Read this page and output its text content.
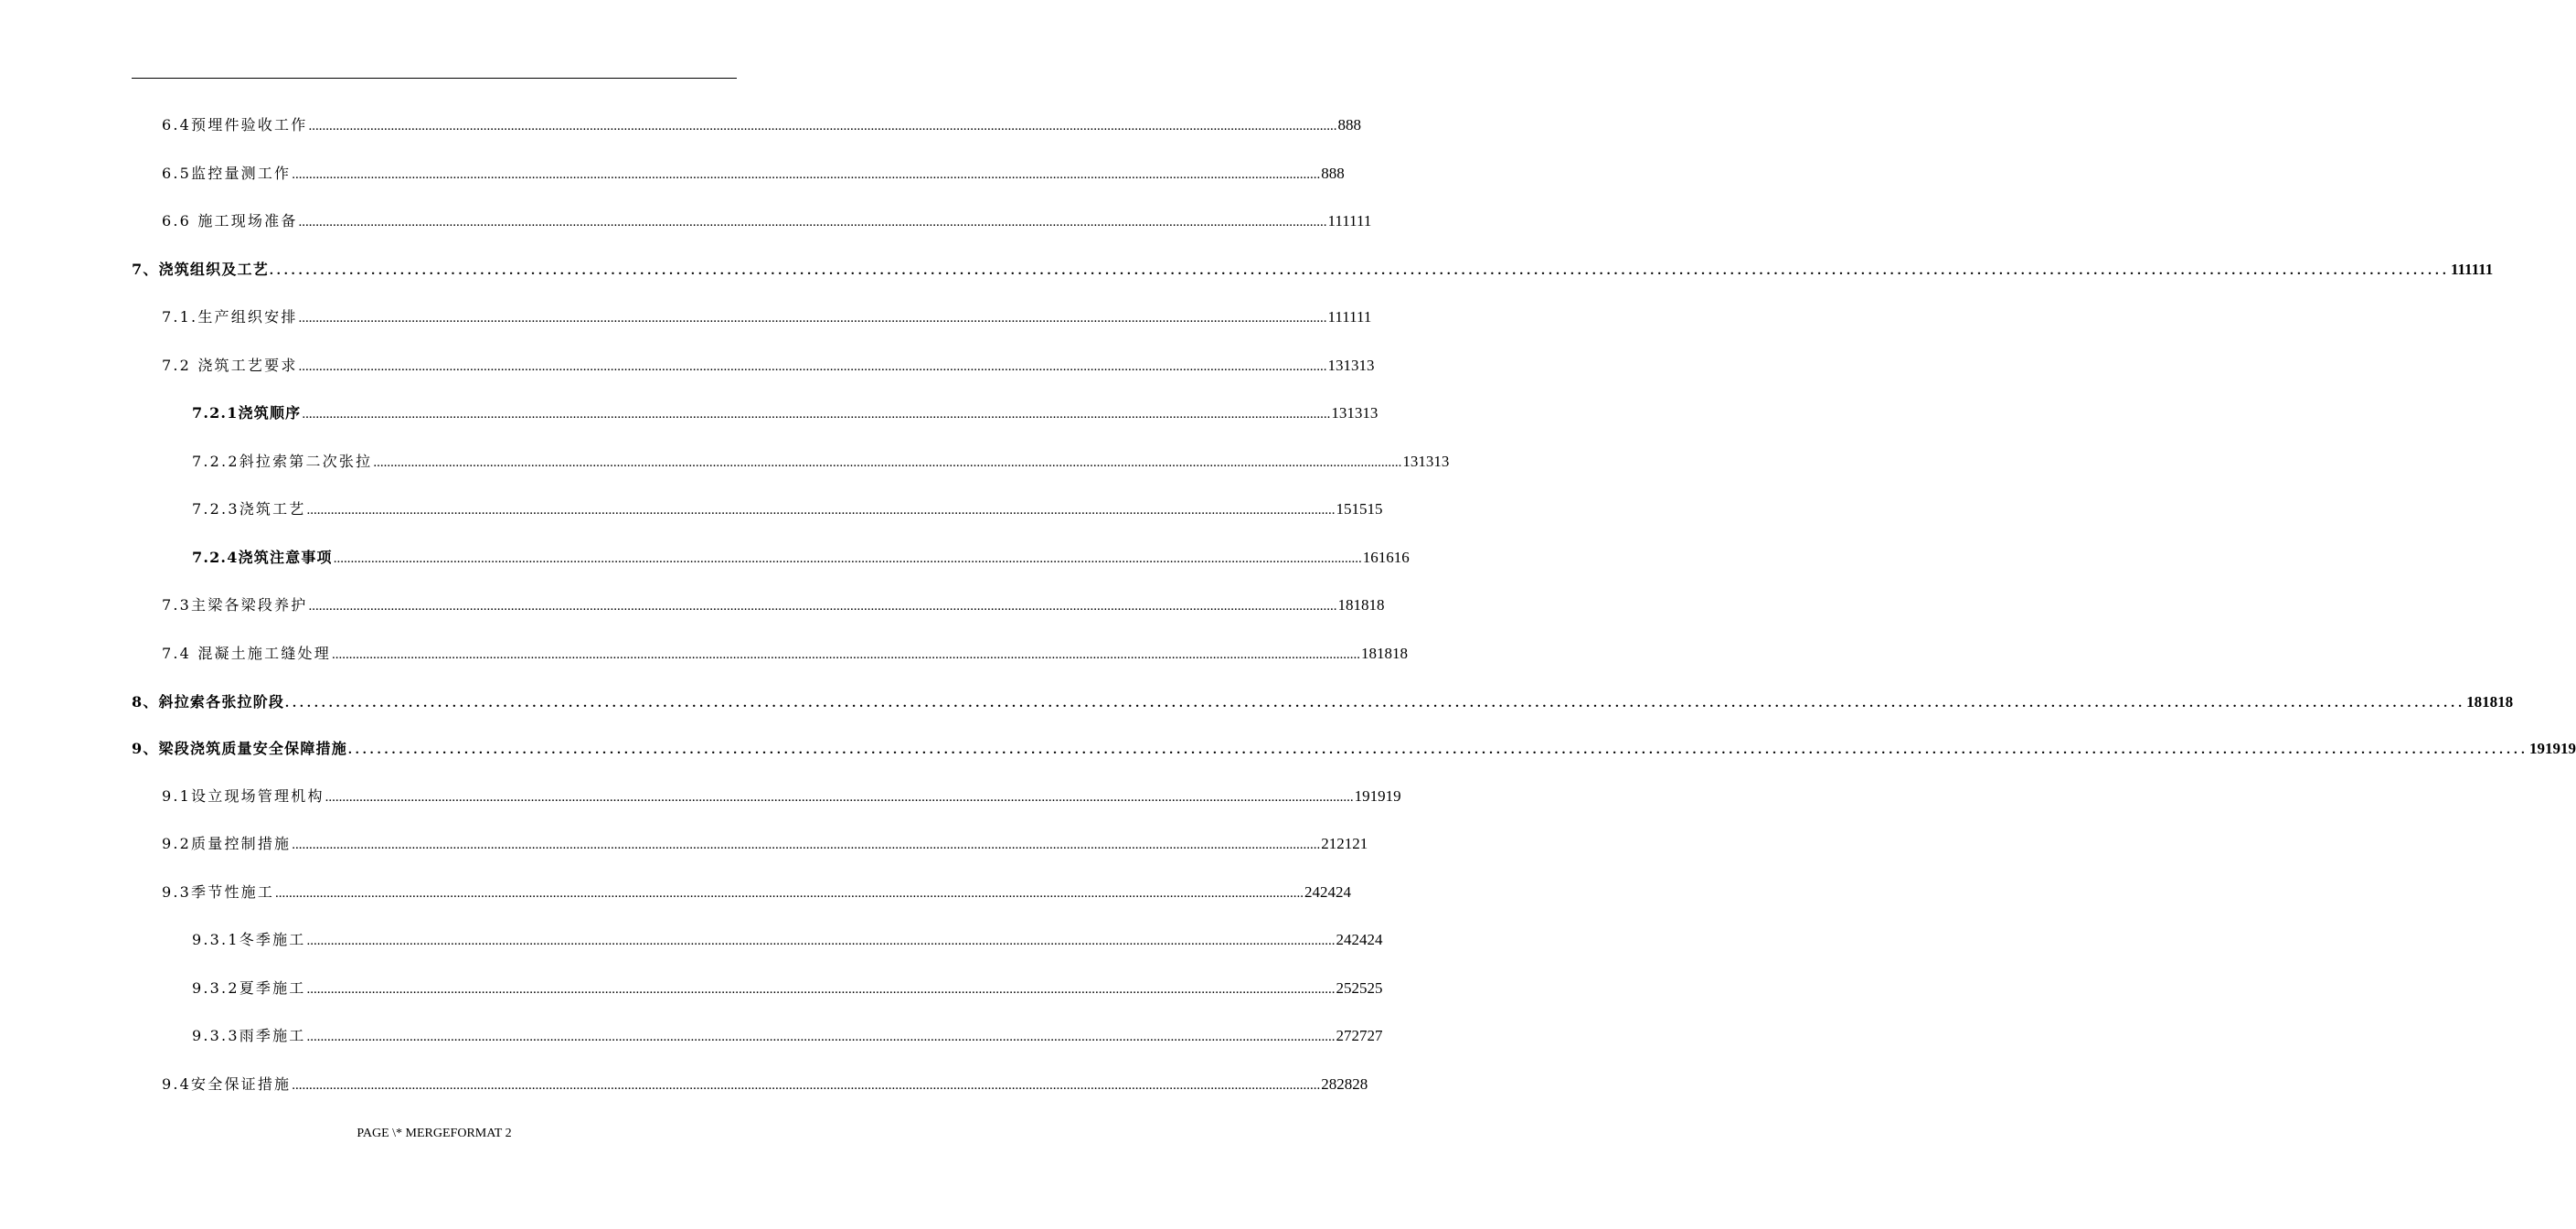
6.4预埋件验收工作 ............................................................................................................................................................................................................................................................................................................ 888
6.5监控量测工作 ............................................................................................................................................................................................................................................................................................................ 888
6.6 施工现场准备 ............................................................................................................................................................................................................................................................................................................ 111111
7、浇筑组织及工艺 ............................................................................................................................................................................................................................................................................................................ 111111
7.1.生产组织安排 ............................................................................................................................................................................................................................................................................................................ 111111
7.2 浇筑工艺要求 ............................................................................................................................................................................................................................................................................................................ 131313
7.2.1浇筑顺序 ............................................................................................................................................................................................................................................................................................................ 131313
7.2.2斜拉索第二次张拉 ............................................................................................................................................................................................................................................................................................................ 131313
7.2.3浇筑工艺 ............................................................................................................................................................................................................................................................................................................ 151515
7.2.4浇筑注意事项 ............................................................................................................................................................................................................................................................................................................ 161616
7.3主梁各梁段养护 ............................................................................................................................................................................................................................................................................................................ 181818
7.4 混凝土施工缝处理 ............................................................................................................................................................................................................................................................................................................ 181818
8、斜拉索各张拉阶段 ............................................................................................................................................................................................................................................................................................................ 181818
9、梁段浇筑质量安全保障措施 ............................................................................................................................................................................................................................................................................................................ 191919
9.1设立现场管理机构 ............................................................................................................................................................................................................................................................................................................ 191919
9.2质量控制措施 ............................................................................................................................................................................................................................................................................................................ 212121
9.3季节性施工 ............................................................................................................................................................................................................................................................................................................ 242424
9.3.1冬季施工 ............................................................................................................................................................................................................................................................................................................ 242424
9.3.2夏季施工 ............................................................................................................................................................................................................................................................................................................ 252525
9.3.3雨季施工 ............................................................................................................................................................................................................................................................................................................ 272727
9.4安全保证措施 ............................................................................................................................................................................................................................................................................................................ 282828
PAGE \* MERGEFORMAT 2
